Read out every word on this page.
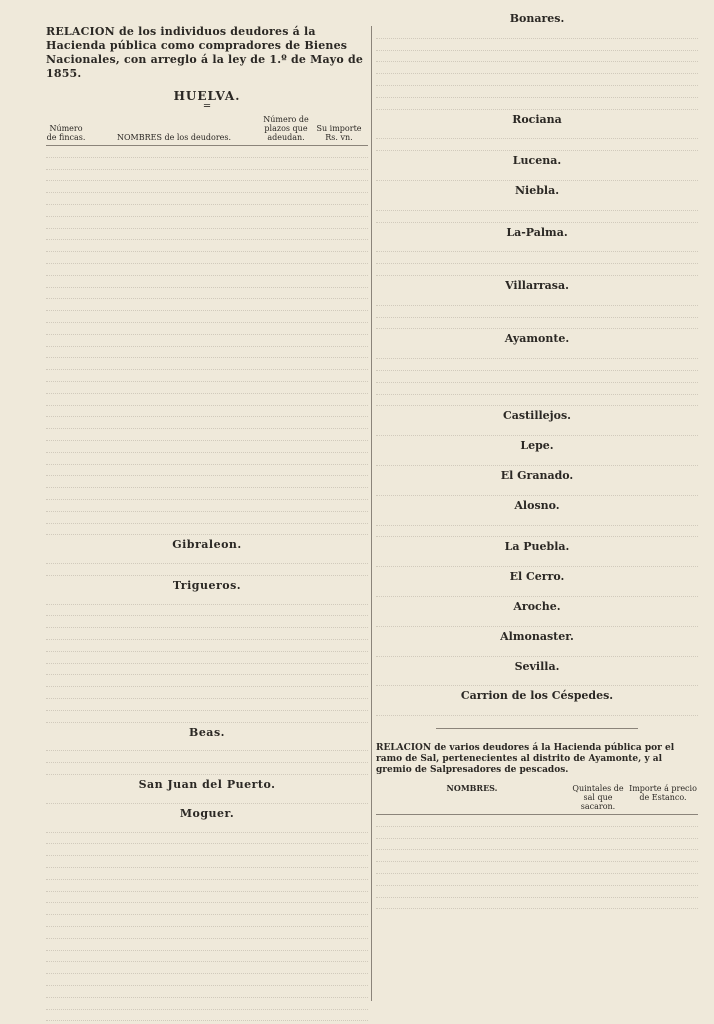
RELACION de los individuos deudores á la Hacienda pública como compradores de Bienes Nacionales, con arreglo á la ley de 1.º de Mayo de 1855.
HUELVA.
═
Número de fincas.	NOMBRES de los deudores.
Número de plazos que adeudan.
Su importe Rs. vn.
Gibraleon.
Trigueros.
Beas.
San Juan del Puerto.
Moguer.
Bonares.
Rociana
Lucena.
Niebla.
La-Palma.
Villarrasa.
Ayamonte.
Castillejos.
Lepe.
El Granado.
Alosno.
La Puebla.
El Cerro.
Aroche.
Almonaster.
Sevilla.
Carrion de los Céspedes.
RELACION de varios deudores á la Hacienda pública por el ramo de Sal, pertenecientes al distrito de Ayamonte, y al gremio de Salpresadores de pescados.
NOMBRES.	Quintales de sal que sacaron.
Importe á precio de Estanco.
